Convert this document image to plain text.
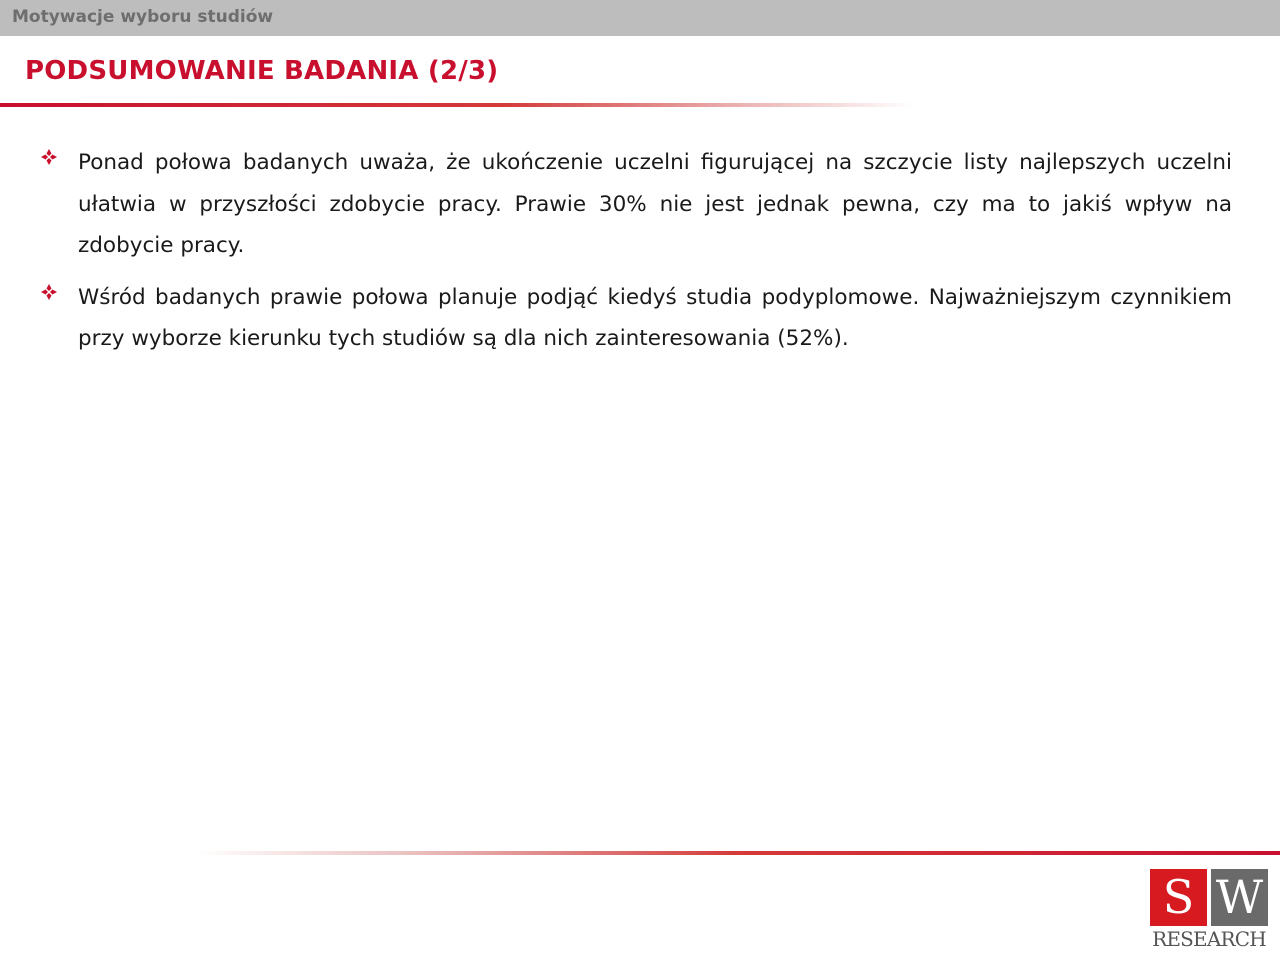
Motywacje wyboru studiów
PODSUMOWANIE BADANIA (2/3)

Ponad połowa badanych uważa, że ukończenie uczelni figurującej na szczycie listy najlepszych uczelni ułatwia w przyszłości zdobycie pracy. Prawie 30% nie jest jednak pewna, czy ma to jakiś wpływ na zdobycie pracy.

Wśród badanych prawie połowa planuje podjąć kiedyś studia podyplomowe. Najważniejszym czynnikiem przy wyborze kierunku tych studiów są dla nich zainteresowania (52%).

S W
RESEARCH
